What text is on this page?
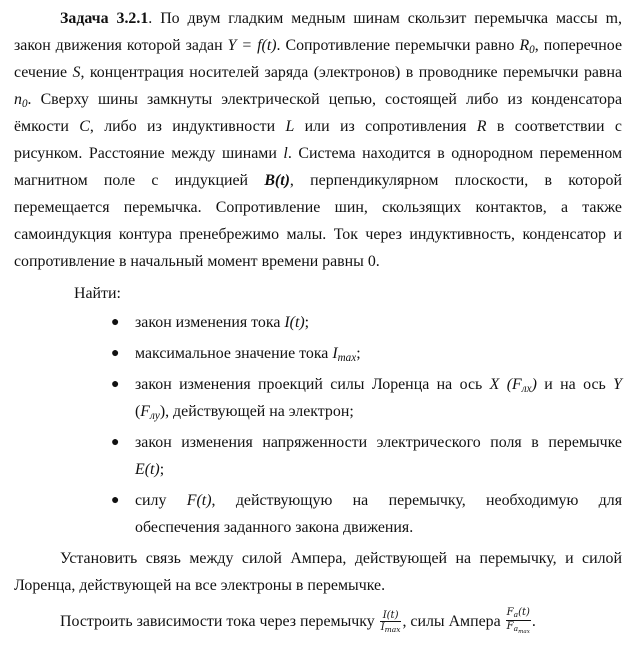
Задача 3.2.1. По двум гладким медным шинам скользит перемычка массы m,
закон движения которой задан Y = f(t). Сопротивление перемычки равно $R_0$, поперечное
сечение S, концентрация носителей заряда (электронов) в проводнике перемычки равна
$n_0$. Сверху шины замкнуты электрической цепью, состоящей либо из конденсатора
ёмкости C, либо из индуктивности L или из сопротивления R в соответствии с
рисунком. Расстояние между шинами l. Система находится в однородном переменном
магнитном поле с индукцией B(t), перпендикулярном плоскости, в которой
перемещается перемычка. Сопротивление шин, скользящих контактов, а также
самоиндукция контура пренебрежимо малы. Ток через индуктивность, конденсатор и
сопротивление в начальный момент времени равны 0.
Найти:
● закон изменения тока I(t);
● максимальное значение тока $I_{max}$;
● закон изменения проекций силы Лоренца на ось X $(F_{лx})$ и на ось Y
$(F_{лy})$, действующей на электрон;
● закон изменения напряженности электрического поля в перемычке
E(t);
● силу F(t), действующую на перемычку, необходимую для
обеспечения заданного закона движения.
Установить связь между силой Ампера, действующей на перемычку, и силой
Лоренца, действующей на все электроны в перемычке.
Построить зависимости тока через перемычку $\frac{I(t)}{I_{max}}$ , силы Ампера $\frac{F_a(t)}{F_{a_{max}}}$ .
